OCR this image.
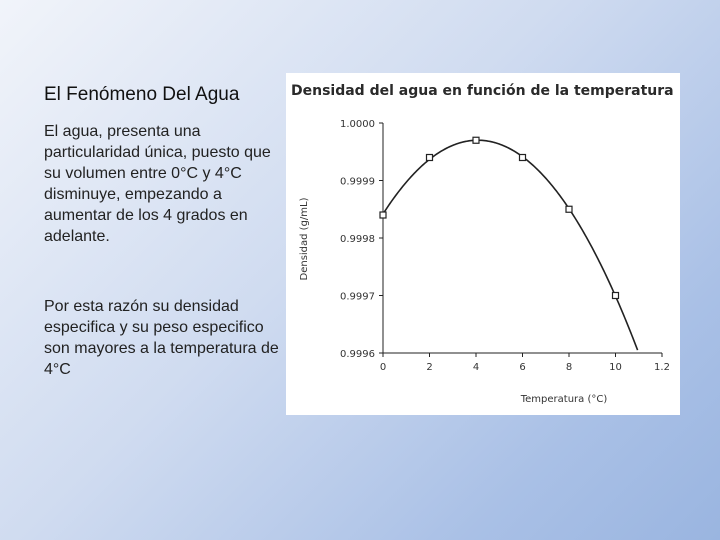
El Fenómeno Del Agua
El agua, presenta una particularidad única, puesto que su volumen entre 0°C y 4°C disminuye, empezando a aumentar de los 4 grados en adelante.
Por esta razón su densidad especifica y su peso especifico son mayores a la temperatura de 4°C
Densidad del agua en función de la temperatura
Densidad (g/mL)
Temperatura (°C)
1.0000
0.9999
0.9998
0.9997
0.9996
0	2	4	6	8	10	1.2
